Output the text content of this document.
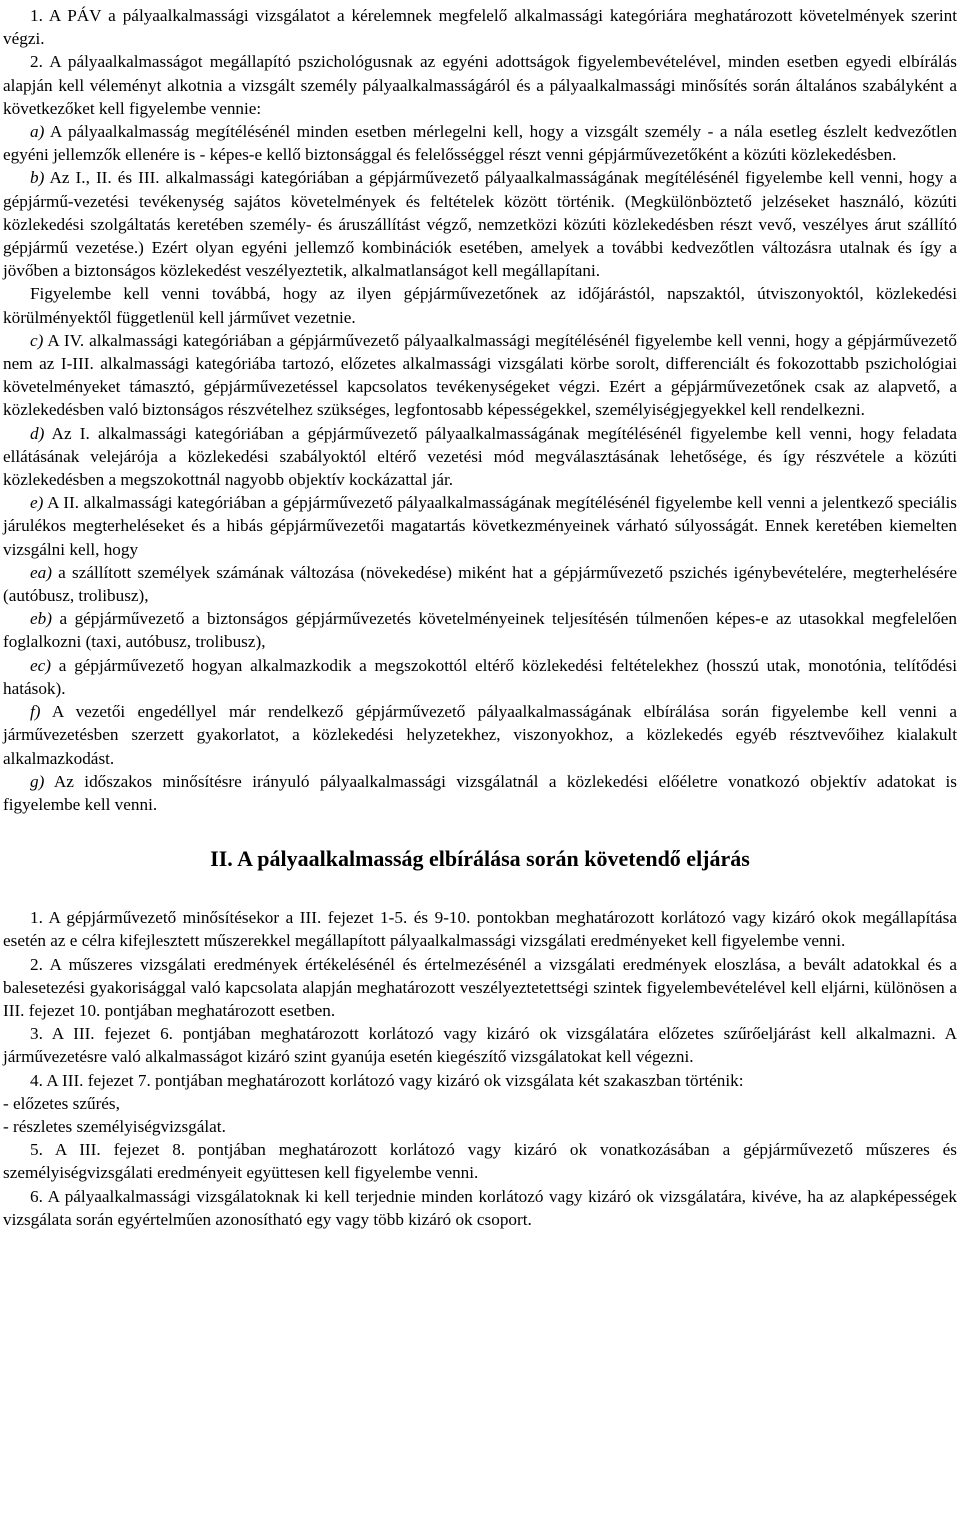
1. A PÁV a pályaalkalmassági vizsgálatot a kérelemnek megfelelő alkalmassági kategóriára meghatározott követelmények szerint végzi.

2. A pályaalkalmasságot megállapító pszichológusnak az egyéni adottságok figyelembevételével, minden esetben egyedi elbírálás alapján kell véleményt alkotnia a vizsgált személy pályaalkalmasságáról és a pályaalkalmassági minősítés során általános szabályként a következőket kell figyelembe vennie:

a) A pályaalkalmasság megítélésénél minden esetben mérlegelni kell, hogy a vizsgált személy - a nála esetleg észlelt kedvezőtlen egyéni jellemzők ellenére is - képes-e kellő biztonsággal és felelősséggel részt venni gépjárművezetőként a közúti közlekedésben.

b) Az I., II. és III. alkalmassági kategóriában a gépjárművezető pályaalkalmasságának megítélésénél figyelembe kell venni, hogy a gépjármű-vezetési tevékenység sajátos követelmények és feltételek között történik. (Megkülönböztető jelzéseket használó, közúti közlekedési szolgáltatás keretében személy- és áruszállítást végző, nemzetközi közúti közlekedésben részt vevő, veszélyes árut szállító gépjármű vezetése.) Ezért olyan egyéni jellemző kombinációk esetében, amelyek a további kedvezőtlen változásra utalnak és így a jövőben a biztonságos közlekedést veszélyeztetik, alkalmatlanságot kell megállapítani.

Figyelembe kell venni továbbá, hogy az ilyen gépjárművezetőnek az időjárástól, napszaktól, útviszonyoktól, közlekedési körülményektől függetlenül kell járművet vezetnie.

c) A IV. alkalmassági kategóriában a gépjárművezető pályaalkalmassági megítélésénél figyelembe kell venni, hogy a gépjárművezető nem az I-III. alkalmassági kategóriába tartozó, előzetes alkalmassági vizsgálati körbe sorolt, differenciált és fokozottabb pszichológiai követelményeket támasztó, gépjárművezetéssel kapcsolatos tevékenységeket végzi. Ezért a gépjárművezetőnek csak az alapvető, a közlekedésben való biztonságos részvételhez szükséges, legfontosabb képességekkel, személyiségjegyekkel kell rendelkezni.

d) Az I. alkalmassági kategóriában a gépjárművezető pályaalkalmasságának megítélésénél figyelembe kell venni, hogy feladata ellátásának velejárója a közlekedési szabályoktól eltérő vezetési mód megválasztásának lehetősége, és így részvétele a közúti közlekedésben a megszokottnál nagyobb objektív kockázattal jár.

e) A II. alkalmassági kategóriában a gépjárművezető pályaalkalmasságának megítélésénél figyelembe kell venni a jelentkező speciális járulékos megterheléseket és a hibás gépjárművezetői magatartás következményeinek várható súlyosságát. Ennek keretében kiemelten vizsgálni kell, hogy

ea) a szállított személyek számának változása (növekedése) miként hat a gépjárművezető pszichés igénybevételére, megterhelésére (autóbusz, trolibusz),

eb) a gépjárművezető a biztonságos gépjárművezetés követelményeinek teljesítésén túlmenően képes-e az utasokkal megfelelően foglalkozni (taxi, autóbusz, trolibusz),

ec) a gépjárművezető hogyan alkalmazkodik a megszokottól eltérő közlekedési feltételekhez (hosszú utak, monotónia, telítődési hatások).

f) A vezetői engedéllyel már rendelkező gépjárművezető pályaalkalmasságának elbírálása során figyelembe kell venni a járművezetésben szerzett gyakorlatot, a közlekedési helyzetekhez, viszonyokhoz, a közlekedés egyéb résztvevőihez kialakult alkalmazkodást.

g) Az időszakos minősítésre irányuló pályaalkalmassági vizsgálatnál a közlekedési előéletre vonatkozó objektív adatokat is figyelembe kell venni.

II. A pályaalkalmasság elbírálása során követendő eljárás

1. A gépjárművezető minősítésekor a III. fejezet 1-5. és 9-10. pontokban meghatározott korlátozó vagy kizáró okok megállapítása esetén az e célra kifejlesztett műszerekkel megállapított pályaalkalmassági vizsgálati eredményeket kell figyelembe venni.

2. A műszeres vizsgálati eredmények értékelésénél és értelmezésénél a vizsgálati eredmények eloszlása, a bevált adatokkal és a balesetezési gyakorisággal való kapcsolata alapján meghatározott veszélyeztetettségi szintek figyelembevételével kell eljárni, különösen a III. fejezet 10. pontjában meghatározott esetben.

3. A III. fejezet 6. pontjában meghatározott korlátozó vagy kizáró ok vizsgálatára előzetes szűrőeljárást kell alkalmazni. A járművezetésre való alkalmasságot kizáró szint gyanúja esetén kiegészítő vizsgálatokat kell végezni.

4. A III. fejezet 7. pontjában meghatározott korlátozó vagy kizáró ok vizsgálata két szakaszban történik:

- előzetes szűrés,

- részletes személyiségvizsgálat.

5. A III. fejezet 8. pontjában meghatározott korlátozó vagy kizáró ok vonatkozásában a gépjárművezető műszeres és személyiségvizsgálati eredményeit együttesen kell figyelembe venni.

6. A pályaalkalmassági vizsgálatoknak ki kell terjednie minden korlátozó vagy kizáró ok vizsgálatára, kivéve, ha az alapképességek vizsgálata során egyértelműen azonosítható egy vagy több kizáró ok csoport.
